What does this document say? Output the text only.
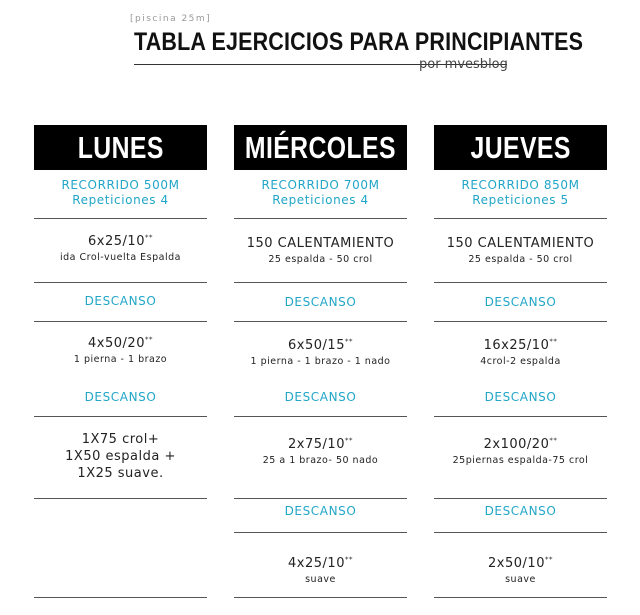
[piscina 25m]
TABLA EJERCICIOS PARA PRINCIPIANTES
por mvesblog
LUNES
RECORRIDO 500M
Repeticiones 4
6x25/10**
ida Crol-vuelta Espalda
DESCANSO
4x50/20**
1 pierna - 1 brazo
DESCANSO
1X75 crol+
1X50 espalda +
1X25 suave.
MIÉRCOLES
RECORRIDO 700M
Repeticiones 4
150 CALENTAMIENTO
25 espalda - 50 crol
DESCANSO
6x50/15**
1 pierna - 1 brazo - 1 nado
DESCANSO
2x75/10**
25 a 1 brazo- 50 nado
DESCANSO
4x25/10**
suave
JUEVES
RECORRIDO 850M
Repeticiones 5
150 CALENTAMIENTO
25 espalda - 50 crol
DESCANSO
16x25/10**
4crol-2 espalda
DESCANSO
2x100/20**
25piernas espalda-75 crol
DESCANSO
2x50/10**
suave
